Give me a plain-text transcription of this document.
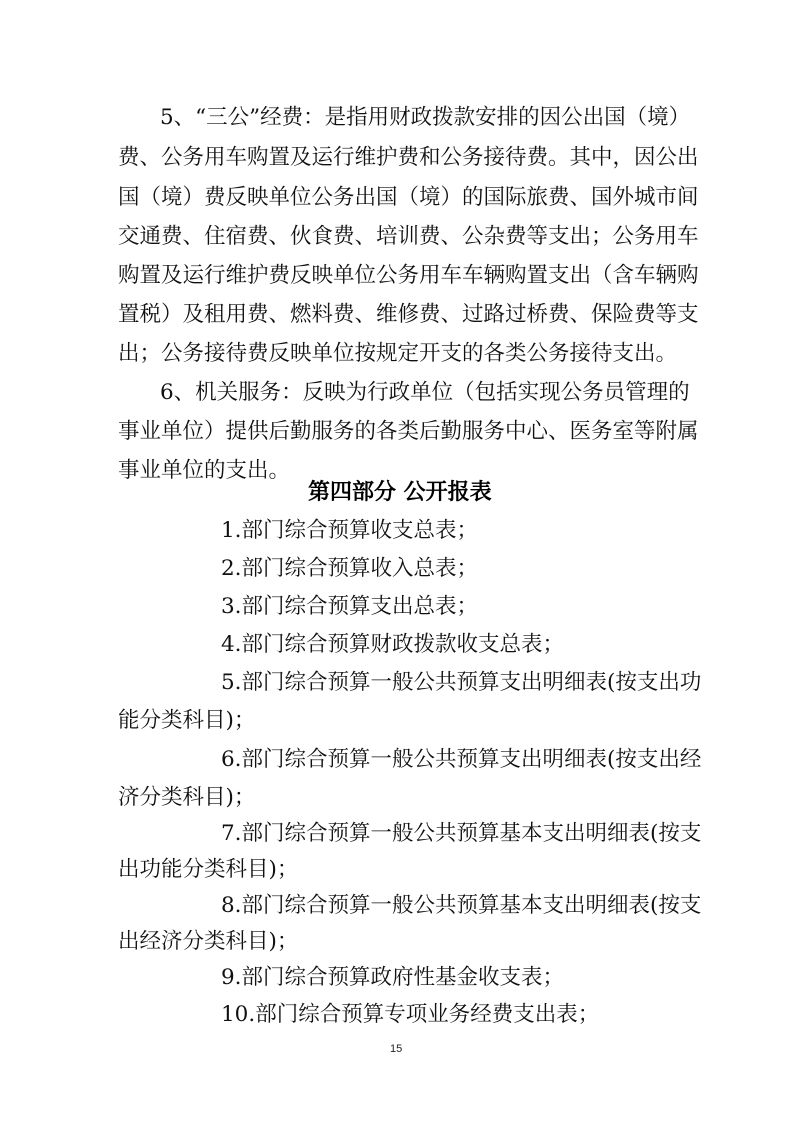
5、“三公”经费：是指用财政拨款安排的因公出国（境）
费、公务用车购置及运行维护费和公务接待费。其中，因公出
国（境）费反映单位公务出国（境）的国际旅费、国外城市间
交通费、住宿费、伙食费、培训费、公杂费等支出；公务用车
购置及运行维护费反映单位公务用车车辆购置支出（含车辆购
置税）及租用费、燃料费、维修费、过路过桥费、保险费等支
出；公务接待费反映单位按规定开支的各类公务接待支出。
6、机关服务：反映为行政单位（包括实现公务员管理的
事业单位）提供后勤服务的各类后勤服务中心、医务室等附属
事业单位的支出。
第四部分 公开报表
1.部门综合预算收支总表；
2.部门综合预算收入总表；
3.部门综合预算支出总表；
4.部门综合预算财政拨款收支总表；
5.部门综合预算一般公共预算支出明细表(按支出功
能分类科目)；
6.部门综合预算一般公共预算支出明细表(按支出经
济分类科目)；
7.部门综合预算一般公共预算基本支出明细表(按支
出功能分类科目)；
8.部门综合预算一般公共预算基本支出明细表(按支
出经济分类科目)；
9.部门综合预算政府性基金收支表；
10.部门综合预算专项业务经费支出表；
15
